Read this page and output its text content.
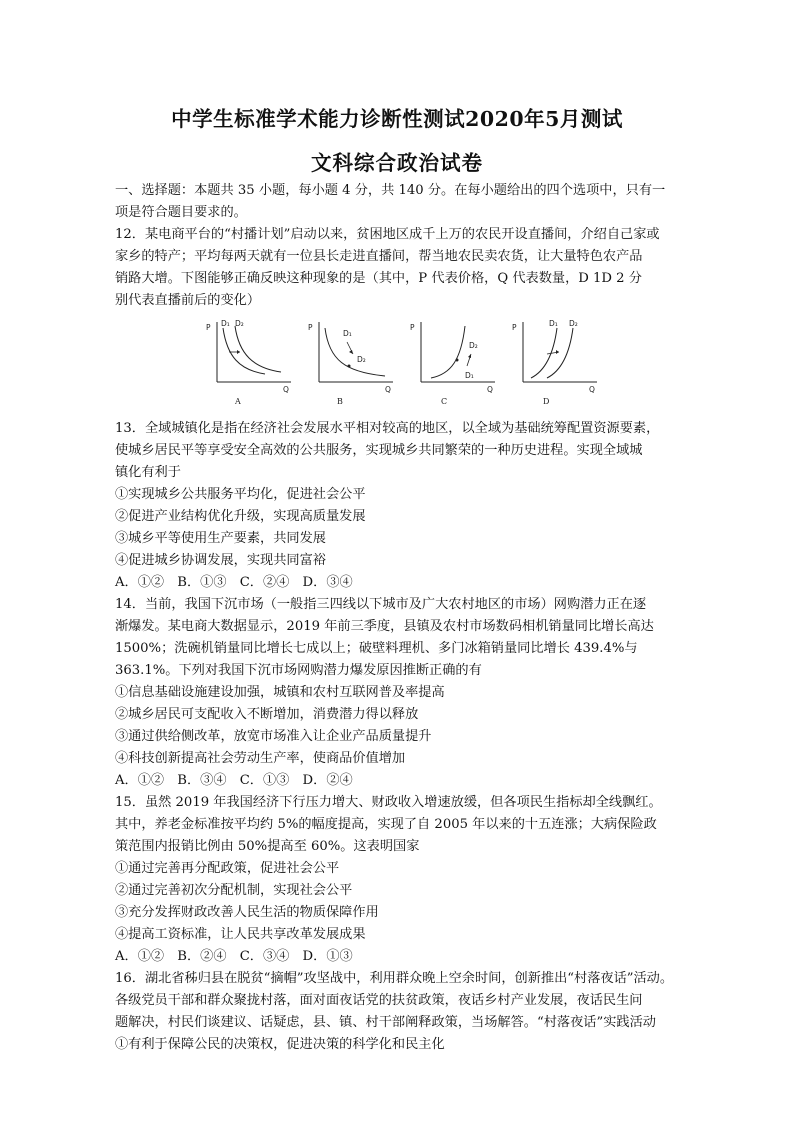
中学生标准学术能力诊断性测试2020年5月测试
文科综合政治试卷

一、选择题：本题共 35 小题，每小题 4 分，共 140 分。在每小题给出的四个选项中，只有一

项是符合题目要求的。

12．某电商平台的“村播计划”启动以来，贫困地区成千上万的农民开设直播间，介绍自己家或

家乡的特产；平均每两天就有一位县长走进直播间，帮当地农民卖农货，让大量特色农产品

销路大增。下图能够正确反映这种现象的是（其中，P 代表价格，Q 代表数量，D 1D 2 分

别代表直播前后的变化）

P
Q
D₁ D₂
A
P
Q
D₁
D₂
B
P
Q
D₂
D₁
C
P
Q
D₁ D₂
D

13．全域城镇化是指在经济社会发展水平相对较高的地区，以全域为基础统筹配置资源要素，

使城乡居民平等享受安全高效的公共服务，实现城乡共同繁荣的一种历史进程。实现全域城

镇化有利于

①实现城乡公共服务平均化，促进社会公平

②促进产业结构优化升级，实现高质量发展

③城乡平等使用生产要素，共同发展

④促进城乡协调发展，实现共同富裕

A．①②　B．①③　C．②④　D．③④

14．当前，我国下沉市场（一般指三四线以下城市及广大农村地区的市场）网购潜力正在逐

渐爆发。某电商大数据显示，2019 年前三季度，县镇及农村市场数码相机销量同比增长高达

1500%；洗碗机销量同比增长七成以上；破壁料理机、多门冰箱销量同比增长 439.4%与

363.1%。下列对我国下沉市场网购潜力爆发原因推断正确的有

①信息基础设施建设加强，城镇和农村互联网普及率提高

②城乡居民可支配收入不断增加，消费潜力得以释放

③通过供给侧改革，放宽市场准入让企业产品质量提升

④科技创新提高社会劳动生产率，使商品价值增加

A．①②　B．③④　C．①③　D．②④

15．虽然 2019 年我国经济下行压力增大、财政收入增速放缓，但各项民生指标却全线飘红。

其中，养老金标准按平均约 5%的幅度提高，实现了自 2005 年以来的十五连涨；大病保险政

策范围内报销比例由 50%提高至 60%。这表明国家

①通过完善再分配政策，促进社会公平

②通过完善初次分配机制，实现社会公平

③充分发挥财政改善人民生活的物质保障作用

④提高工资标准，让人民共享改革发展成果

A．①②　B．②④　C．③④　D．①③

16．湖北省秭归县在脱贫“摘帽”攻坚战中，利用群众晚上空余时间，创新推出“村落夜话”活动。

各级党员干部和群众聚拢村落，面对面夜话党的扶贫政策，夜话乡村产业发展，夜话民生问

题解决，村民们谈建议、话疑虑，县、镇、村干部阐释政策，当场解答。“村落夜话”实践活动

①有利于保障公民的决策权，促进决策的科学化和民主化
